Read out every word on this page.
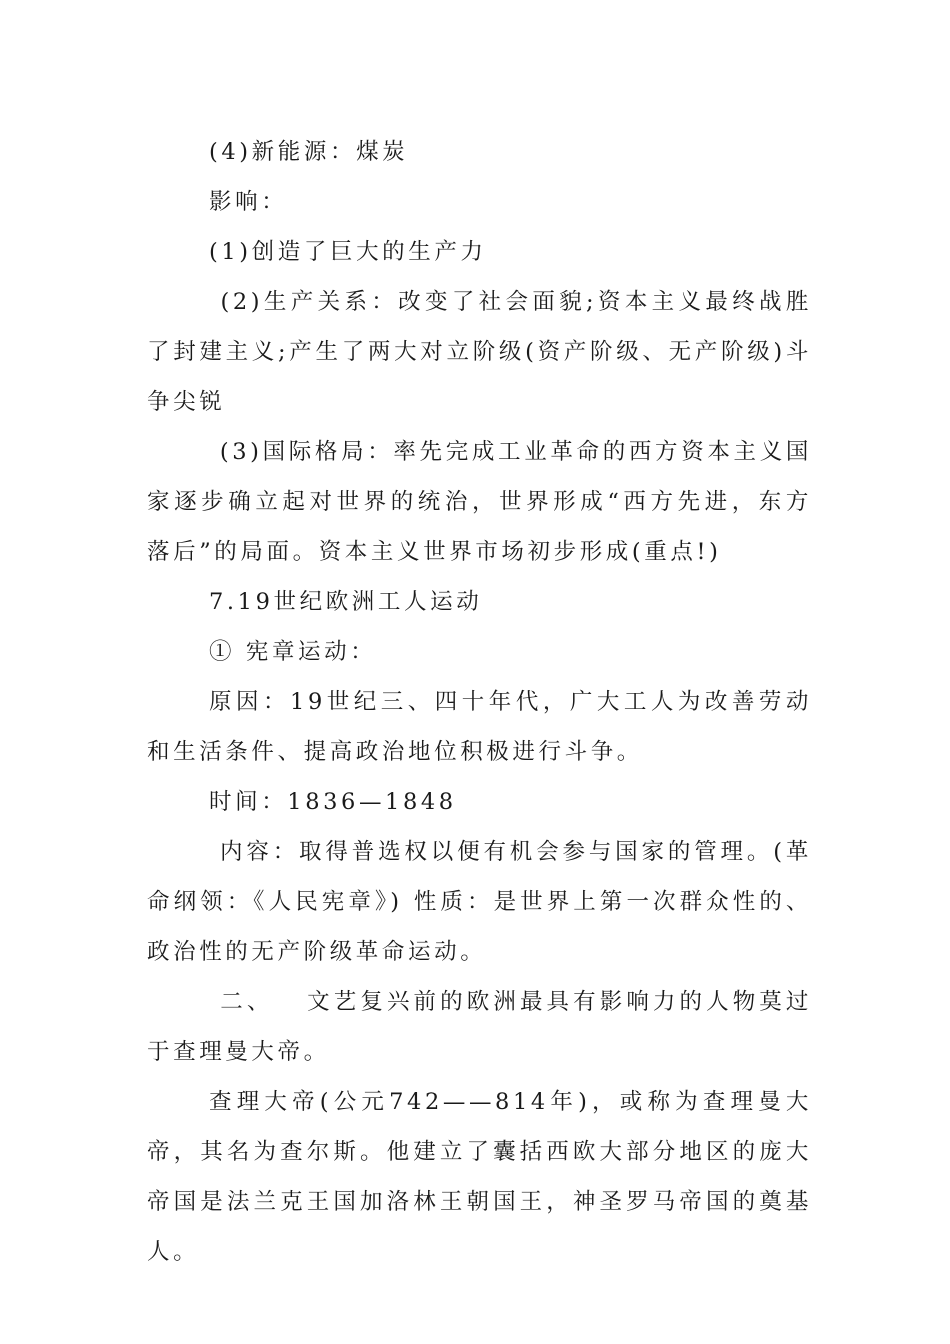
(4)新能源：煤炭

影响：

(1)创造了巨大的生产力

(2)生产关系：改变了社会面貌;资本主义最终战胜了封建主义;产生了两大对立阶级(资产阶级、无产阶级)斗争尖锐

(3)国际格局：率先完成工业革命的西方资本主义国家逐步确立起对世界的统治，世界形成“西方先进，东方落后”的局面。资本主义世界市场初步形成(重点!)

7.19世纪欧洲工人运动

① 宪章运动：

原因：19世纪三、四十年代，广大工人为改善劳动和生活条件、提高政治地位积极进行斗争。

时间：1836—1848

内容：取得普选权以便有机会参与国家的管理。(革命纲领：《人民宪章》) 性质：是世界上第一次群众性的、政治性的无产阶级革命运动。

二、   文艺复兴前的欧洲最具有影响力的人物莫过于查理曼大帝。

查理大帝(公元742——814年)，或称为查理曼大帝，其名为查尔斯。他建立了囊括西欧大部分地区的庞大帝国是法兰克王国加洛林王朝国王，神圣罗马帝国的奠基人。
